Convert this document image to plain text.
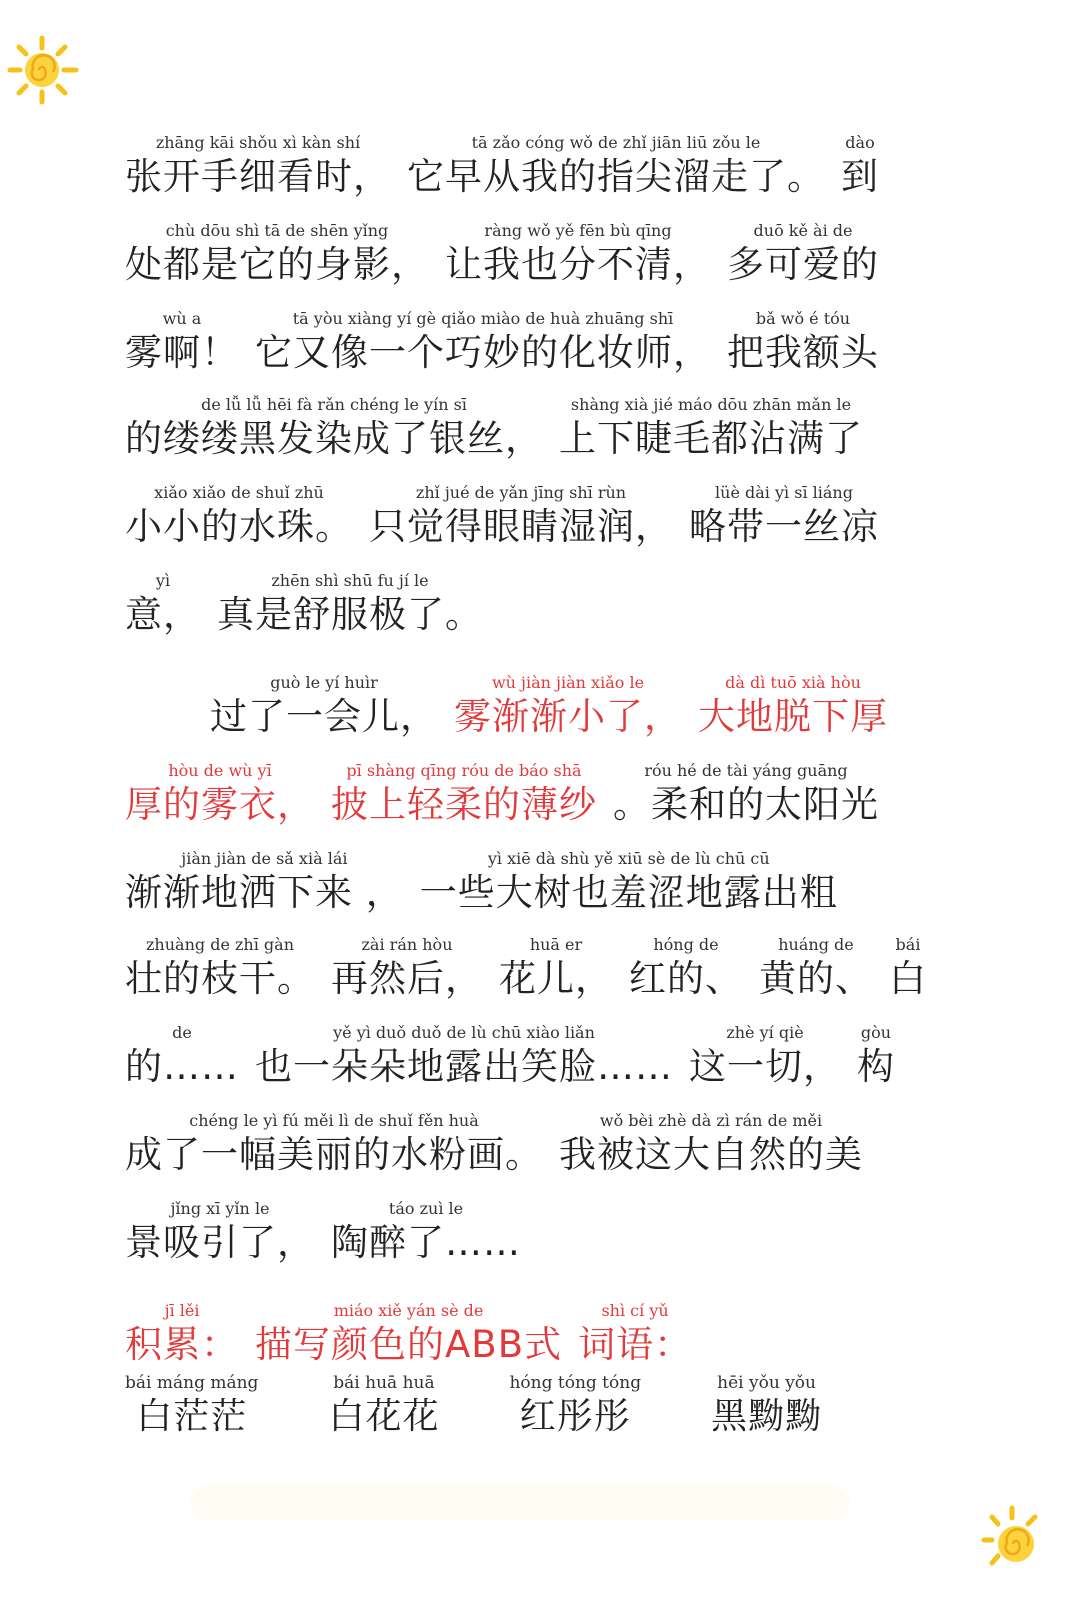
zhāng kāi shǒu xì kàn shí
张开手细看时，
tā zǎo cóng wǒ de zhǐ jiān liū zǒu le
它早从我的指尖溜走了。
dào
到
chù dōu shì tā de shēn yǐng
处都是它的身影，
ràng wǒ yě fēn bù qīng
让我也分不清，
duō kě ài de
多可爱的
wù a
雾啊！
tā yòu xiàng yí gè qiǎo miào de huà zhuāng shī
它又像一个巧妙的化妆师，
bǎ wǒ é tóu
把我额头
de lǚ lǚ hēi fà rǎn chéng le yín sī
的缕缕黑发染成了银丝，
shàng xià jié máo dōu zhān mǎn le
上下睫毛都沾满了
xiǎo xiǎo de shuǐ zhū
小小的水珠。
zhǐ jué de yǎn jīng shī rùn
只觉得眼睛湿润，
lüè dài yì sī liáng
略带一丝凉
yì
意，
zhēn shì shū fu jí le
真是舒服极了。
guò le yí huìr
过了一会儿，
wù jiàn jiàn xiǎo le
雾渐渐小了，
dà dì tuō xià hòu
大地脱下厚
hòu de wù yī
厚的雾衣，
pī shàng qīng róu de báo shā
披上轻柔的薄纱
róu hé de tài yáng guāng
。柔和的太阳光
jiàn jiàn de sǎ xià lái
渐渐地洒下来 ，
yì xiē dà shù yě xiū sè de lù chū cū
一些大树也羞涩地露出粗
zhuàng de zhī gàn
壮的枝干。
zài rán hòu
再然后，
huā er
花儿，
hóng de
红的、
huáng de
黄的、
bái
白
de
的……
yě yì duǒ duǒ de lù chū xiào liǎn
也一朵朵地露出笑脸……
zhè yí qiè
这一切，
gòu
构
chéng le yì fú měi lì de shuǐ fěn huà
成了一幅美丽的水粉画。
wǒ bèi zhè dà zì rán de měi
我被这大自然的美
jǐng xī yǐn le
景吸引了，
táo zuì le
陶醉了……
jī lěi
积累：
miáo xiě yán sè de
描写颜色的ABB式
shì cí yǔ
词语：
bái máng máng
白茫茫
bái huā huā
白花花
hóng tóng tóng
红彤彤
hēi yǒu yǒu
黑黝黝
